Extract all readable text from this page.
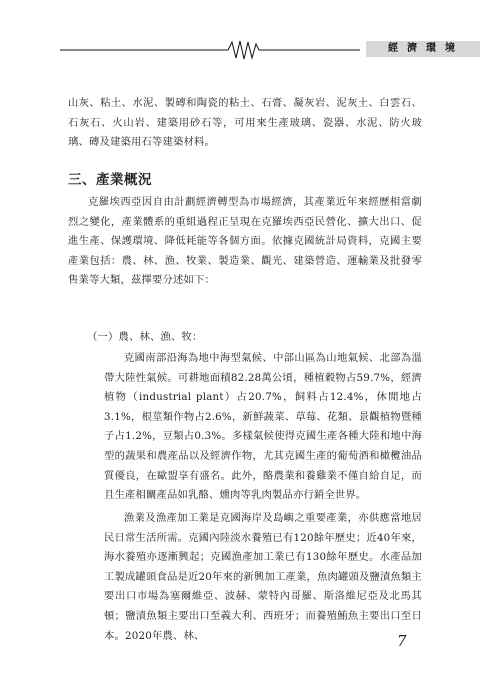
經濟環境
山灰、粘土、水泥、製磚和陶瓷的粘土、石膏、凝灰岩、泥灰土、白雲石、石灰石、火山岩、建築用砂石等，可用來生產玻璃、瓷器、水泥、防火玻璃、磚及建築用石等建築材料。
三、產業概況
克羅埃西亞因自由計劃經濟轉型為市場經濟，其產業近年來經歷相當劇烈之變化，產業體系的重組過程正呈現在克羅埃西亞民營化、擴大出口、促進生產、保護環境、降低耗能等各個方面。依據克國統計局資料，克國主要產業包括：農、林、漁、牧業、製造業、觀光、建築營造、運輸業及批發零售業等大類，茲擇要分述如下：
（一）農、林、漁、牧：
克國南部沿海為地中海型氣候、中部山區為山地氣候、北部為溫帶大陸性氣候。可耕地面積82.28萬公頃，種植穀物占59.7%，經濟植物（industrial plant）占20.7%，飼料占12.4%，休閒地占3.1%，根莖類作物占2.6%，新鮮蔬菜、草莓、花類、景觀植物暨種子占1.2%，豆類占0.3%。多樣氣候使得克國生產各種大陸和地中海型的蔬果和農產品以及經濟作物，尤其克國生產的葡萄酒和橄欖油品質優良，在歐盟享有盛名。此外，酪農業和養雞業不僅自給自足，而且生產相關產品如乳酪、燻肉等乳肉製品亦行銷全世界。
漁業及漁產加工業是克國海岸及島嶼之重要產業，亦供應當地居民日常生活所需。克國內陸淡水養殖已有120餘年歷史；近40年來，海水養殖亦逐漸興起；克國漁產加工業已有130餘年歷史。水產品加工製成罐頭食品是近20年來的新興加工產業，魚肉罐頭及鹽漬魚類主要出口市場為塞爾維亞、波赫、蒙特內哥羅、斯洛維尼亞及北馬其頓；鹽漬魚類主要出口至義大利、西班牙；而養殖鮪魚主要出口至日本。2020年農、林、	7
